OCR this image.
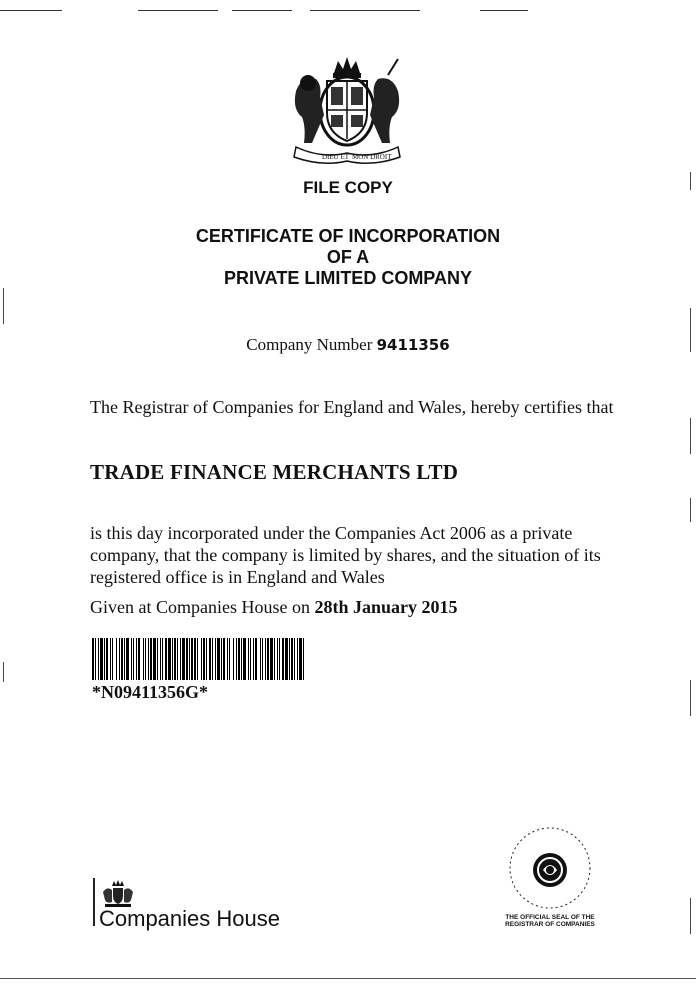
DIEU ET MON DROIT
FILE COPY
CERTIFICATE OF INCORPORATION
OF A
PRIVATE LIMITED COMPANY
Company Number 9411356
The Registrar of Companies for England and Wales, hereby certifies that
TRADE FINANCE MERCHANTS LTD
is this day incorporated under the Companies Act 2006 as a private company, that the company is limited by shares, and the situation of its registered office is in England and Wales
Given at Companies House on 28th January 2015
*N09411356G*
Companies House	THE OFFICIAL SEAL OF THE
REGISTRAR OF COMPANIES
